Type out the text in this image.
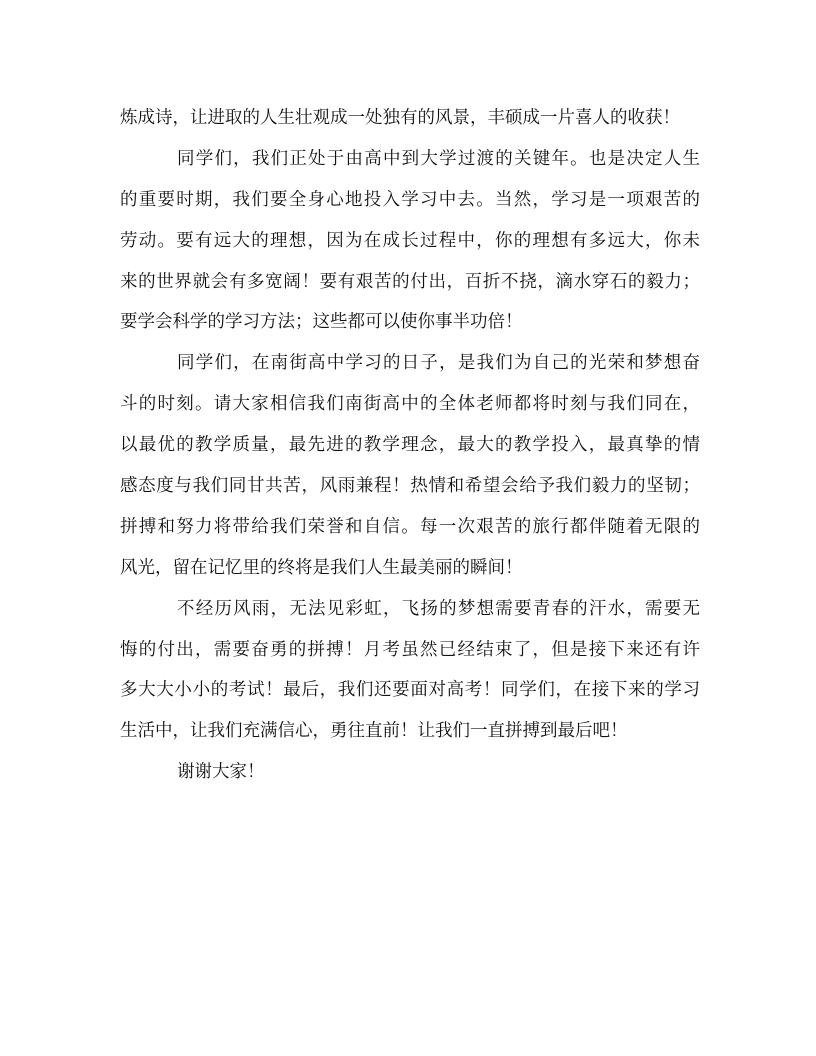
炼成诗，让进取的人生壮观成一处独有的风景，丰硕成一片喜人的收获！
同学们，我们正处于由高中到大学过渡的关键年。也是决定人生
的重要时期，我们要全身心地投入学习中去。当然，学习是一项艰苦的
劳动。要有远大的理想，因为在成长过程中，你的理想有多远大，你未
来的世界就会有多宽阔！要有艰苦的付出，百折不挠，滴水穿石的毅力；
要学会科学的学习方法；这些都可以使你事半功倍！
同学们，在南街高中学习的日子，是我们为自己的光荣和梦想奋
斗的时刻。请大家相信我们南街高中的全体老师都将时刻与我们同在，
以最优的教学质量，最先进的教学理念，最大的教学投入，最真挚的情
感态度与我们同甘共苦，风雨兼程！热情和希望会给予我们毅力的坚韧；
拼搏和努力将带给我们荣誉和自信。每一次艰苦的旅行都伴随着无限的
风光，留在记忆里的终将是我们人生最美丽的瞬间！
不经历风雨，无法见彩虹，飞扬的梦想需要青春的汗水，需要无
悔的付出，需要奋勇的拼搏！月考虽然已经结束了，但是接下来还有许
多大大小小的考试！最后，我们还要面对高考！同学们，在接下来的学习
生活中，让我们充满信心，勇往直前！让我们一直拼搏到最后吧！
谢谢大家！
